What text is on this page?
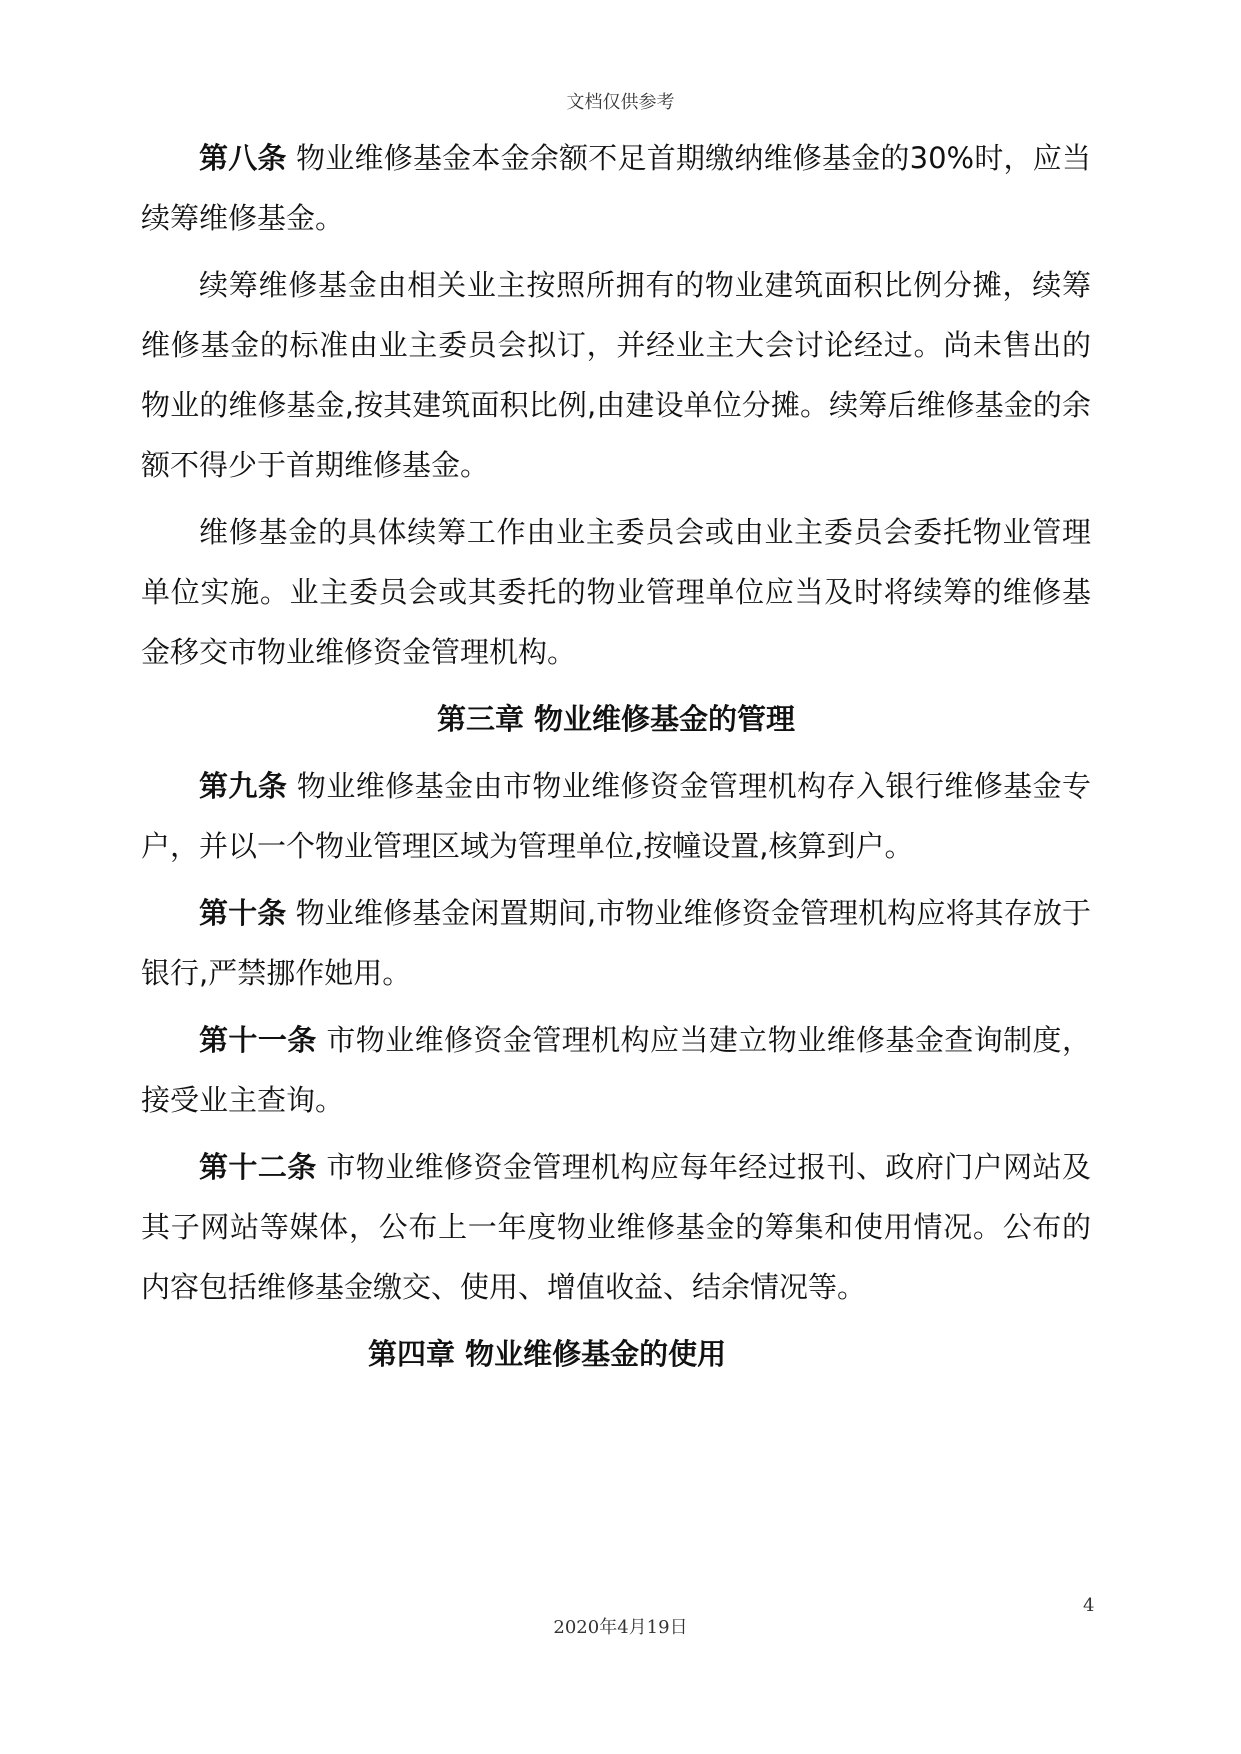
文档仅供参考

第八条 物业维修基金本金余额不足首期缴纳维修基金的30%时，应当续筹维修基金。

续筹维修基金由相关业主按照所拥有的物业建筑面积比例分摊，续筹维修基金的标准由业主委员会拟订，并经业主大会讨论经过。尚未售出的物业的维修基金,按其建筑面积比例,由建设单位分摊。续筹后维修基金的余额不得少于首期维修基金。

维修基金的具体续筹工作由业主委员会或由业主委员会委托物业管理单位实施。业主委员会或其委托的物业管理单位应当及时将续筹的维修基金移交市物业维修资金管理机构。

第三章 物业维修基金的管理

第九条 物业维修基金由市物业维修资金管理机构存入银行维修基金专户，并以一个物业管理区域为管理单位,按幢设置,核算到户。

第十条 物业维修基金闲置期间,市物业维修资金管理机构应将其存放于银行,严禁挪作她用。

第十一条 市物业维修资金管理机构应当建立物业维修基金查询制度，接受业主查询。

第十二条 市物业维修资金管理机构应每年经过报刊、政府门户网站及其子网站等媒体，公布上一年度物业维修基金的筹集和使用情况。公布的内容包括维修基金缴交、使用、增值收益、结余情况等。

第四章 物业维修基金的使用
4
2020年4月19日
